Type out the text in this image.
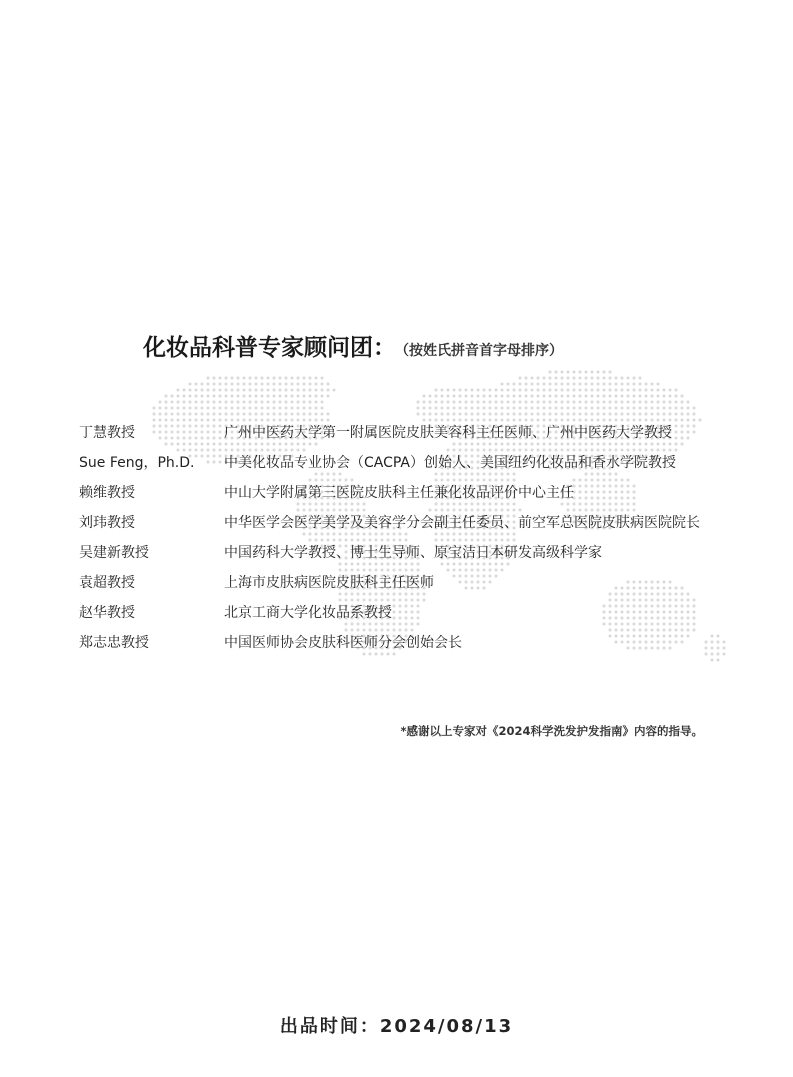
化妆品科普专家顾问团： （按姓氏拼音首字母排序）
丁慧教授	广州中医药大学第一附属医院皮肤美容科主任医师、广州中医药大学教授
Sue Feng，Ph.D. 中美化妆品专业协会（CACPA）创始人、美国纽约化妆品和香水学院教授
赖维教授	中山大学附属第三医院皮肤科主任兼化妆品评价中心主任
刘玮教授	中华医学会医学美学及美容学分会副主任委员、前空军总医院皮肤病医院院长
吴建新教授	中国药科大学教授、博士生导师、原宝洁日本研发高级科学家
袁超教授	上海市皮肤病医院皮肤科主任医师
赵华教授	北京工商大学化妆品系教授
郑志忠教授	中国医师协会皮肤科医师分会创始会长
*感谢以上专家对《2024科学洗发护发指南》内容的指导。
出品时间：2024/08/13
